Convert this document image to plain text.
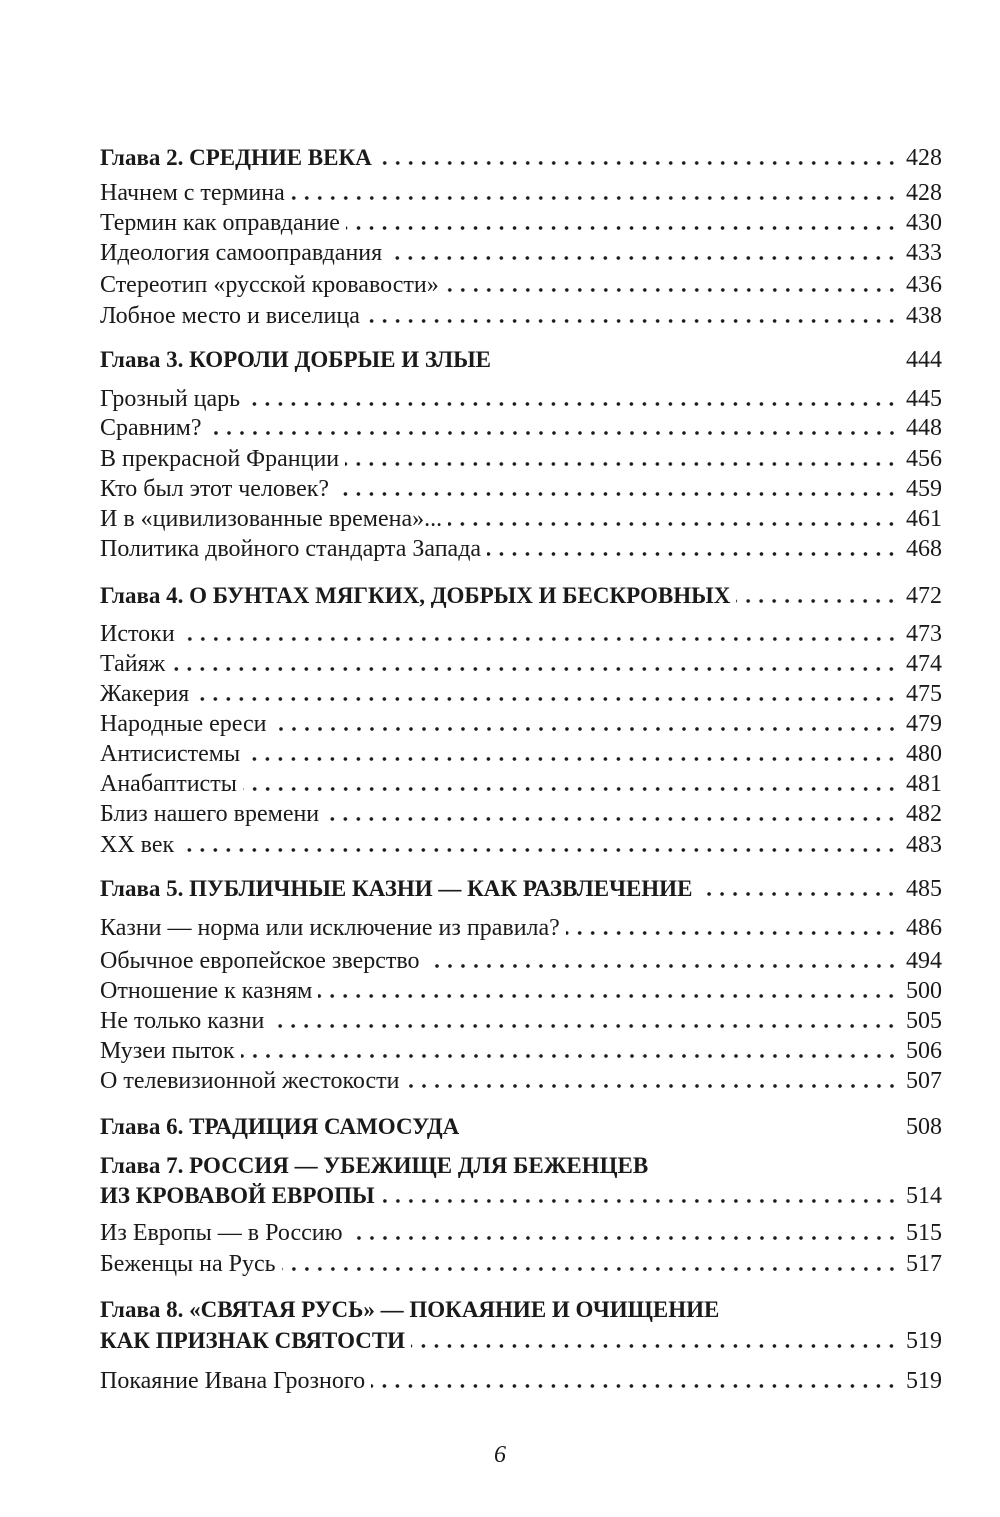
Глава 2. СРЕДНИЕ ВЕКА	428
Начнем с термина	428
Термин как оправдание	430
Идеология самооправдания	433
Стереотип «русской кровавости»	436
Лобное место и виселица	438
Глава 3. КОРОЛИ ДОБРЫЕ И ЗЛЫЕ	444
Грозный царь	445
Сравним?	448
В прекрасной Франции	456
Кто был этот человек?	459
И в «цивилизованные времена»...	461
Политика двойного стандарта Запада	468
Глава 4. О БУНТАХ МЯГКИХ, ДОБРЫХ И БЕСКРОВНЫХ	472
Истоки	473
Тайяж	474
Жакерия	475
Народные ереси	479
Антисистемы	480
Анабаптисты	481
Близ нашего времени	482
XX век	483
Глава 5. ПУБЛИЧНЫЕ КАЗНИ — КАК РАЗВЛЕЧЕНИЕ	485
Казни — норма или исключение из правила?	486
Обычное европейское зверство	494
Отношение к казням	500
Не только казни	505
Музеи пыток	506
О телевизионной жестокости	507
Глава 6. ТРАДИЦИЯ САМОСУДА	508
Глава 7. РОССИЯ — УБЕЖИЩЕ ДЛЯ БЕЖЕНЦЕВ
ИЗ КРОВАВОЙ ЕВРОПЫ	514
Из Европы — в Россию	515
Беженцы на Русь	517
Глава 8. «СВЯТАЯ РУСЬ» — ПОКАЯНИЕ И ОЧИЩЕНИЕ
КАК ПРИЗНАК СВЯТОСТИ	519
Покаяние Ивана Грозного	519
6
